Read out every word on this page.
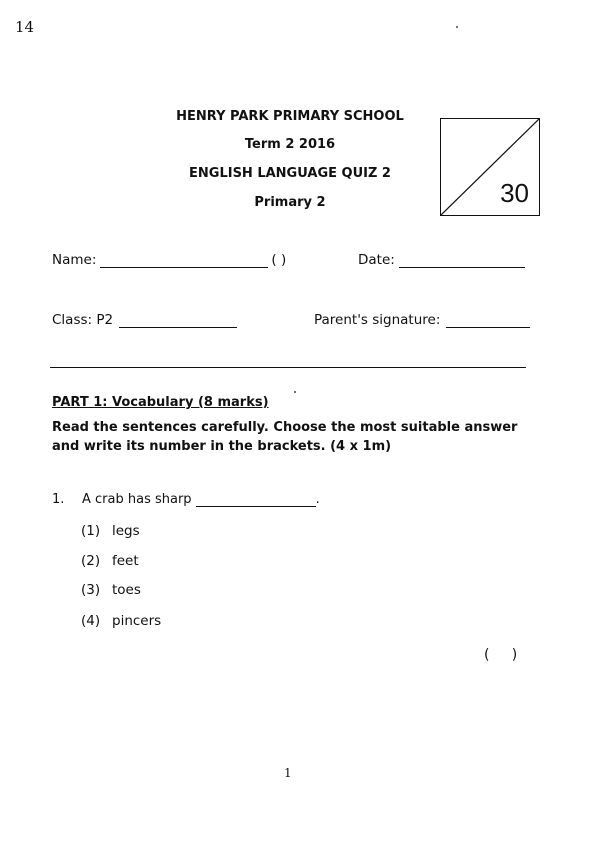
14
HENRY PARK PRIMARY SCHOOL
Term 2 2016
ENGLISH LANGUAGE QUIZ 2
Primary 2	30
Name:	( )	Date:
Class: P2	Parent's signature:
PART 1: Vocabulary (8 marks)
Read the sentences carefully. Choose the most suitable answer and write its number in the brackets. (4 x 1m)
1. A crab has sharp	.
(1) legs
(2) feet
(3) toes
(4) pincers
(     )
1
